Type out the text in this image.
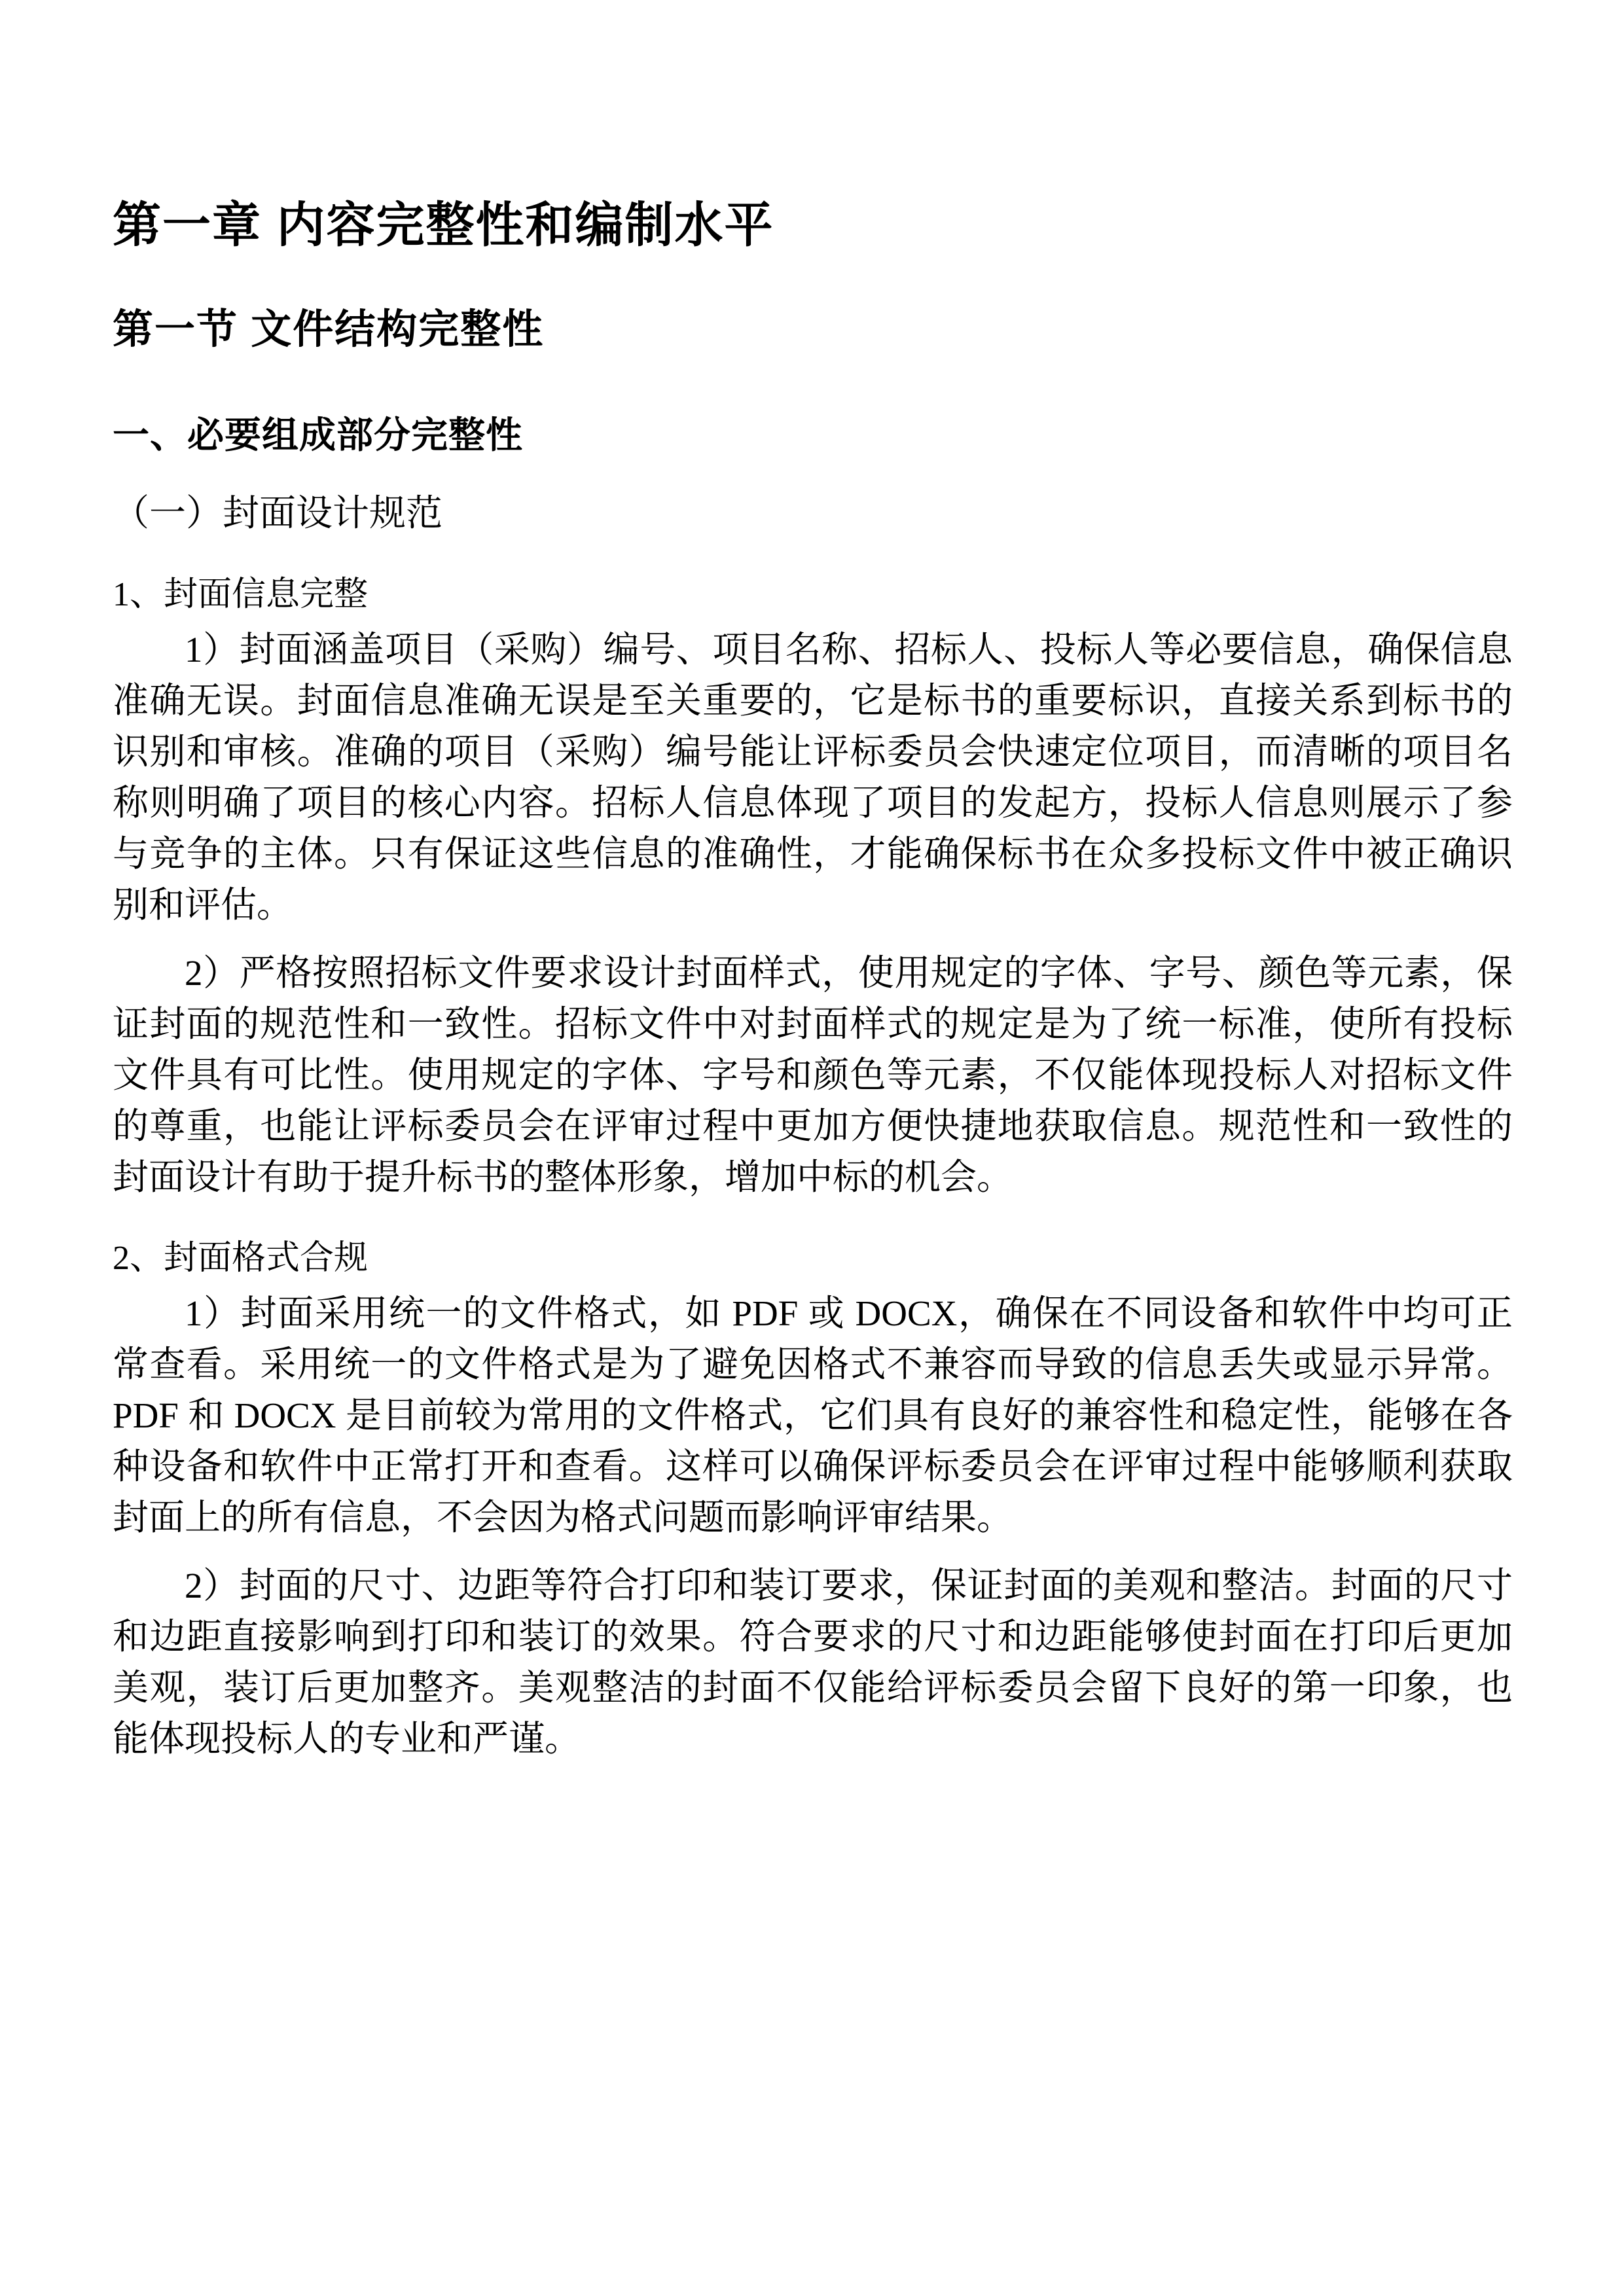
第一章 内容完整性和编制水平
第一节 文件结构完整性
一、必要组成部分完整性
（一）封面设计规范

1、封面信息完整

1）封面涵盖项目（采购）编号、项目名称、招标人、投标人等必要信息，确保信息准确无误。封面信息准确无误是至关重要的，它是标书的重要标识，直接关系到标书的识别和审核。准确的项目（采购）编号能让评标委员会快速定位项目，而清晰的项目名称则明确了项目的核心内容。招标人信息体现了项目的发起方，投标人信息则展示了参与竞争的主体。只有保证这些信息的准确性，才能确保标书在众多投标文件中被正确识别和评估。

2）严格按照招标文件要求设计封面样式，使用规定的字体、字号、颜色等元素，保证封面的规范性和一致性。招标文件中对封面样式的规定是为了统一标准，使所有投标文件具有可比性。使用规定的字体、字号和颜色等元素，不仅能体现投标人对招标文件的尊重，也能让评标委员会在评审过程中更加方便快捷地获取信息。规范性和一致性的封面设计有助于提升标书的整体形象，增加中标的机会。

2、封面格式合规

1）封面采用统一的文件格式，如 PDF 或 DOCX，确保在不同设备和软件中均可正常查看。采用统一的文件格式是为了避免因格式不兼容而导致的信息丢失或显示异常。PDF 和 DOCX 是目前较为常用的文件格式，它们具有良好的兼容性和稳定性，能够在各种设备和软件中正常打开和查看。这样可以确保评标委员会在评审过程中能够顺利获取封面上的所有信息，不会因为格式问题而影响评审结果。

2）封面的尺寸、边距等符合打印和装订要求，保证封面的美观和整洁。封面的尺寸和边距直接影响到打印和装订的效果。符合要求的尺寸和边距能够使封面在打印后更加美观，装订后更加整齐。美观整洁的封面不仅能给评标委员会留下良好的第一印象，也能体现投标人的专业和严谨。
